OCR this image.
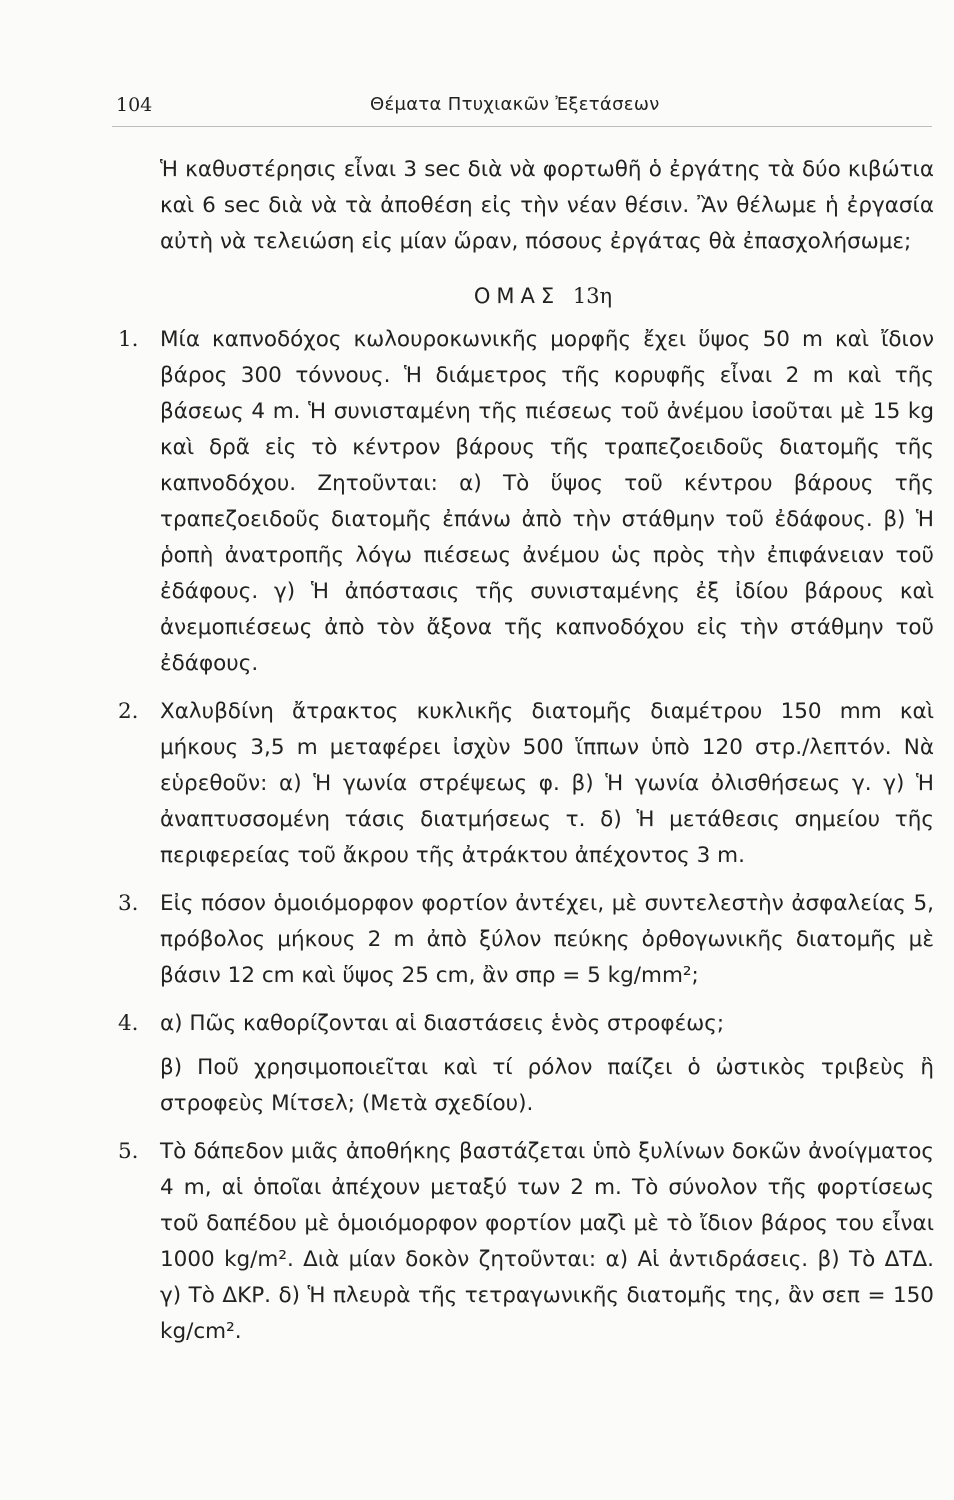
104	Θέματα Πτυχιακῶν Ἐξετάσεων

Ἡ καθυστέρησις εἶναι 3 sec διὰ νὰ φορτωθῆ ὁ ἐργάτης τὰ δύο κιβώτια καὶ 6 sec διὰ νὰ τὰ ἀποθέση εἰς τὴν νέαν θέσιν. Ἂν θέλωμε ἡ ἐργασία αὐτὴ νὰ τελειώση εἰς μίαν ὥραν, πόσους ἐργάτας θὰ ἐπασχολήσωμε;

ΟΜΑΣ 13η
1. Μία καπνοδόχος κωλουροκωνικῆς μορφῆς ἔχει ὕψος 50 m καὶ ἴδιον βάρος 300 τόννους. Ἡ διάμετρος τῆς κορυφῆς εἶναι 2 m καὶ τῆς βάσεως 4 m. Ἡ συνισταμένη τῆς πιέσεως τοῦ ἀνέμου ἰσοῦται μὲ 15 kg καὶ δρᾶ εἰς τὸ κέντρον βάρους τῆς τραπεζοειδοῦς διατομῆς τῆς καπνοδόχου. Ζητοῦνται: α) Τὸ ὕψος τοῦ κέντρου βάρους τῆς τραπεζοειδοῦς διατομῆς ἐπάνω ἀπὸ τὴν στάθμην τοῦ ἐδάφους. β) Ἡ ῥοπὴ ἀνατροπῆς λόγω πιέσεως ἀνέμου ὡς πρὸς τὴν ἐπιφάνειαν τοῦ ἐδάφους. γ) Ἡ ἀπόστασις τῆς συνισταμένης ἐξ ἰδίου βάρους καὶ ἀνεμοπιέσεως ἀπὸ τὸν ἄξονα τῆς καπνοδόχου εἰς τὴν στάθμην τοῦ ἐδάφους.

2. Χαλυβδίνη ἄτρακτος κυκλικῆς διατομῆς διαμέτρου 150 mm καὶ μήκους 3,5 m μεταφέρει ἰσχὺν 500 ἵππων ὑπὸ 120 στρ./λεπτόν. Νὰ εὑρεθοῦν: α) Ἡ γωνία στρέψεως φ. β) Ἡ γωνία ὀλισθήσεως γ. γ) Ἡ ἀναπτυσσομένη τάσις διατμήσεως τ. δ) Ἡ μετάθεσις σημείου τῆς περιφερείας τοῦ ἄκρου τῆς ἀτράκτου ἀπέχοντος 3 m.

3. Εἰς πόσον ὁμοιόμορφον φορτίον ἀντέχει, μὲ συντελεστὴν ἀσφαλείας 5, πρόβολος μήκους 2 m ἀπὸ ξύλον πεύκης ὀρθογωνικῆς διατομῆς μὲ βάσιν 12 cm καὶ ὕψος 25 cm, ἂν σπρ = 5 kg/mm²;

4. α) Πῶς καθορίζονται αἱ διαστάσεις ἑνὸς στροφέως;

β) Ποῦ χρησιμοποιεῖται καὶ τί ρόλον παίζει ὁ ὠστικὸς τριβεὺς ἢ στροφεὺς Μίτσελ; (Μετὰ σχεδίου).

5. Τὸ δάπεδον μιᾶς ἀποθήκης βαστάζεται ὑπὸ ξυλίνων δοκῶν ἀνοίγματος 4 m, αἱ ὁποῖαι ἀπέχουν μεταξύ των 2 m. Τὸ σύνολον τῆς φορτίσεως τοῦ δαπέδου μὲ ὁμοιόμορφον φορτίον μαζὶ μὲ τὸ ἴδιον βάρος του εἶναι 1000 kg/m². Διὰ μίαν δοκὸν ζητοῦνται: α) Αἱ ἀντιδράσεις. β) Τὸ ΔΤΔ. γ) Τὸ ΔΚΡ. δ) Ἡ πλευρὰ τῆς τετραγωνικῆς διατομῆς της, ἂν σεπ = 150 kg/cm².
